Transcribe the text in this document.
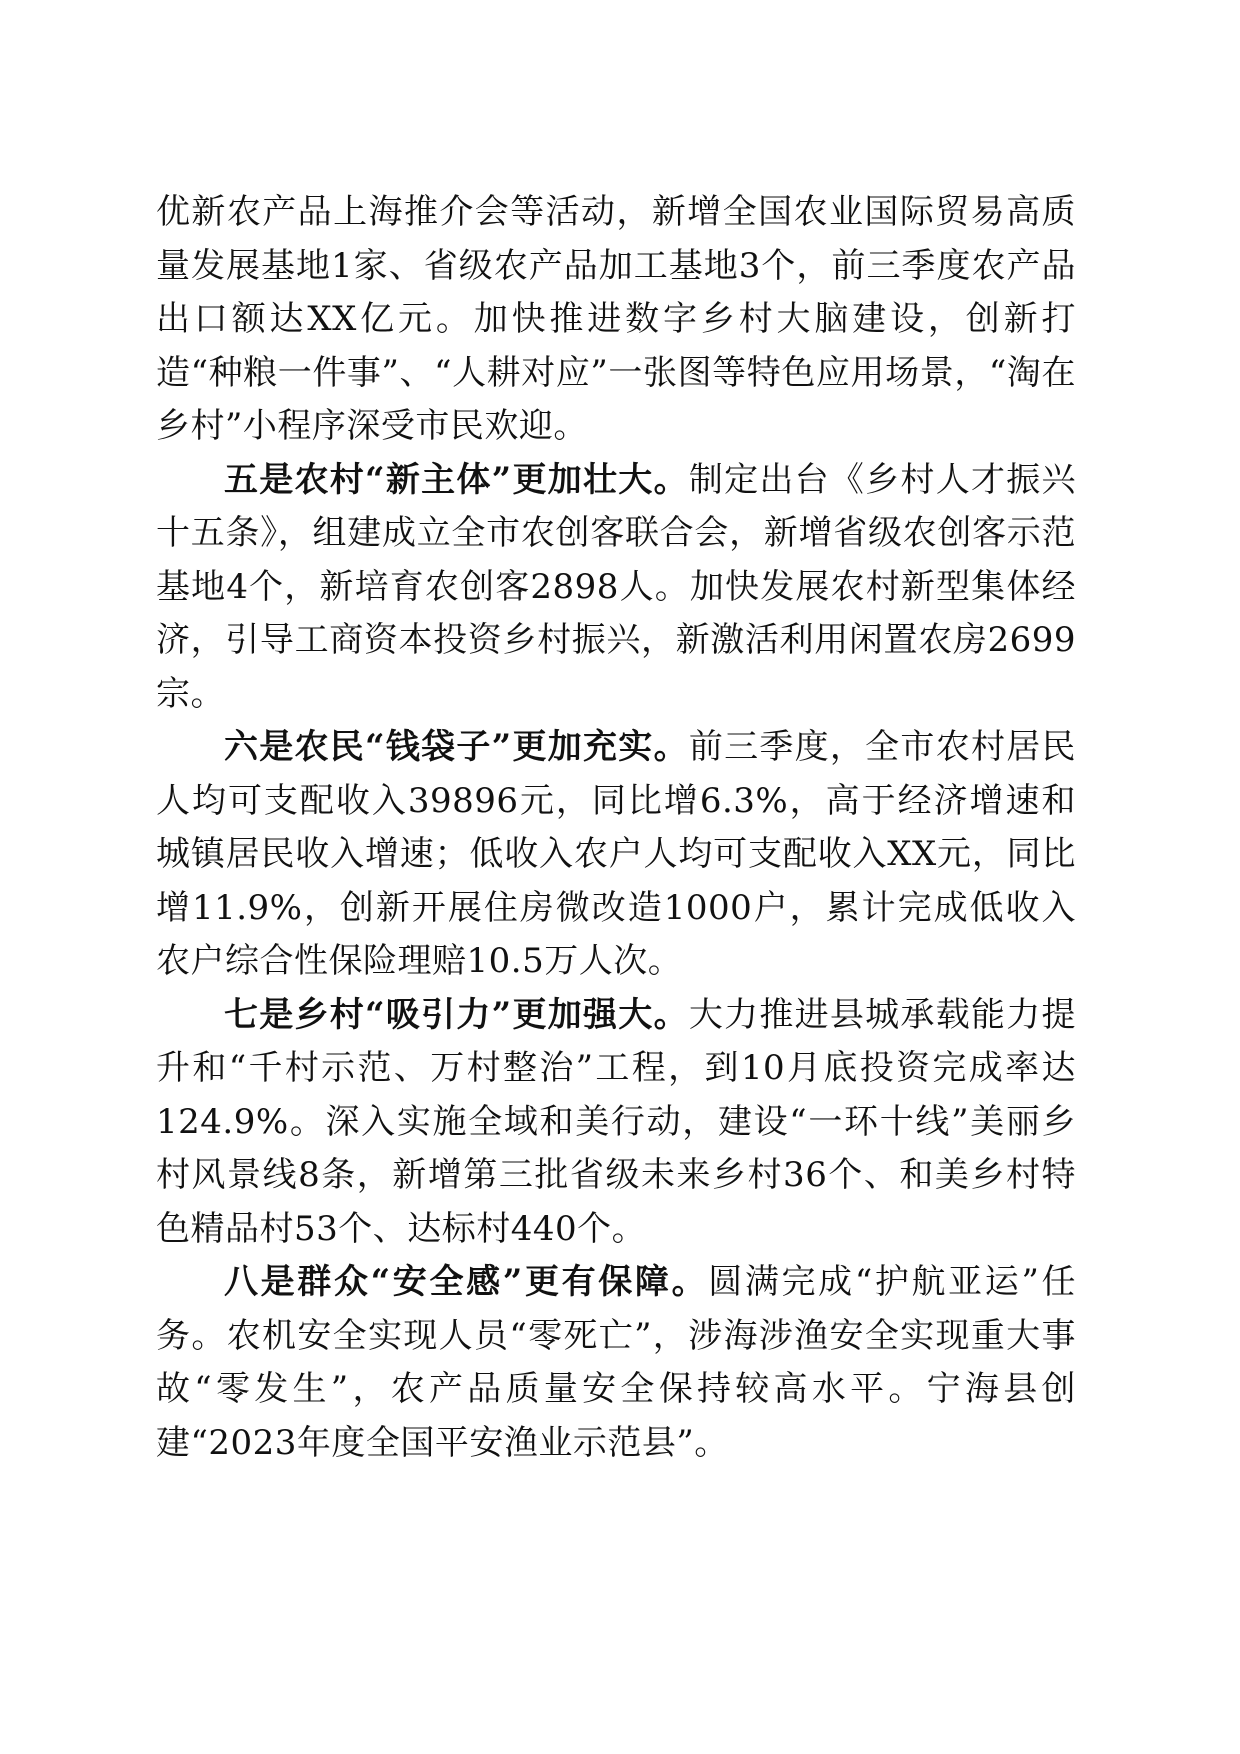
优新农产品上海推介会等活动，新增全国农业国际贸易高质量发展基地1家、省级农产品加工基地3个，前三季度农产品出口额达XX亿元。加快推进数字乡村大脑建设，创新打造“种粮一件事”、“人耕对应”一张图等特色应用场景，“淘在乡村”小程序深受市民欢迎。

五是农村“新主体”更加壮大。制定出台《乡村人才振兴十五条》，组建成立全市农创客联合会，新增省级农创客示范基地4个，新培育农创客2898人。加快发展农村新型集体经济，引导工商资本投资乡村振兴，新激活利用闲置农房2699宗。

六是农民“钱袋子”更加充实。前三季度，全市农村居民人均可支配收入39896元，同比增6.3%，高于经济增速和城镇居民收入增速；低收入农户人均可支配收入XX元，同比增11.9%，创新开展住房微改造1000户，累计完成低收入农户综合性保险理赔10.5万人次。

七是乡村“吸引力”更加强大。大力推进县城承载能力提升和“千村示范、万村整治”工程，到10月底投资完成率达124.9%。深入实施全域和美行动，建设“一环十线”美丽乡村风景线8条，新增第三批省级未来乡村36个、和美乡村特色精品村53个、达标村440个。

八是群众“安全感”更有保障。圆满完成“护航亚运”任务。农机安全实现人员“零死亡”，涉海涉渔安全实现重大事故“零发生”，农产品质量安全保持较高水平。宁海县创建“2023年度全国平安渔业示范县”。
